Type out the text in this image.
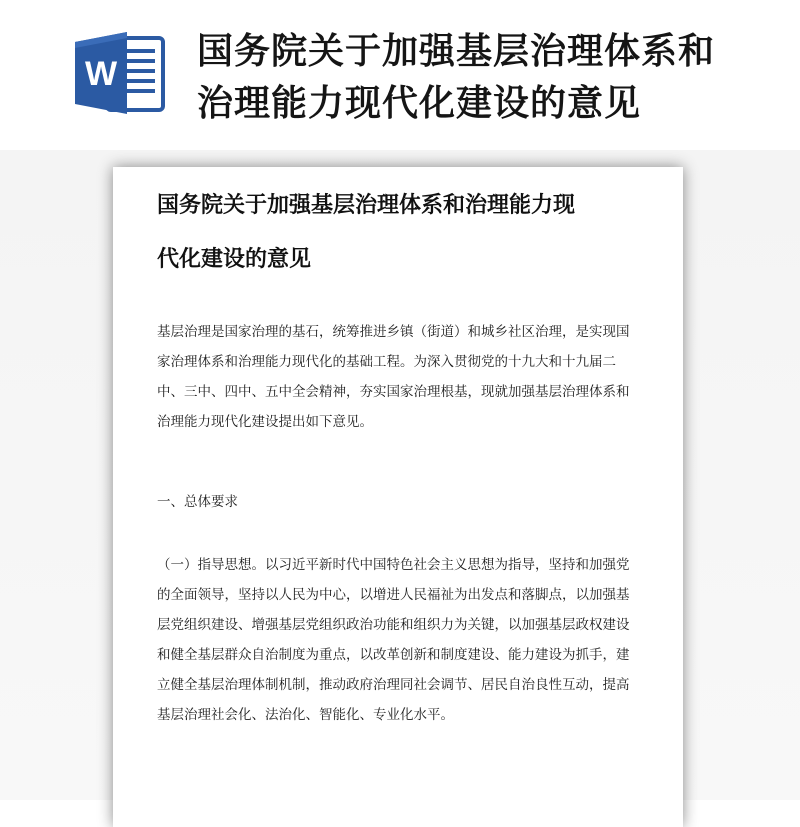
W
国务院关于加强基层治理体系和
治理能力现代化建设的意见
国务院关于加强基层治理体系和治理能力现
代化建设的意见
基层治理是国家治理的基石，统筹推进乡镇（街道）和城乡社区治理，是实现国
家治理体系和治理能力现代化的基础工程。为深入贯彻党的十九大和十九届二
中、三中、四中、五中全会精神，夯实国家治理根基，现就加强基层治理体系和
治理能力现代化建设提出如下意见。
一、总体要求
（一）指导思想。以习近平新时代中国特色社会主义思想为指导，坚持和加强党
的全面领导，坚持以人民为中心，以增进人民福祉为出发点和落脚点，以加强基
层党组织建设、增强基层党组织政治功能和组织力为关键，以加强基层政权建设
和健全基层群众自治制度为重点，以改革创新和制度建设、能力建设为抓手，建
立健全基层治理体制机制，推动政府治理同社会调节、居民自治良性互动，提高
基层治理社会化、法治化、智能化、专业化水平。
